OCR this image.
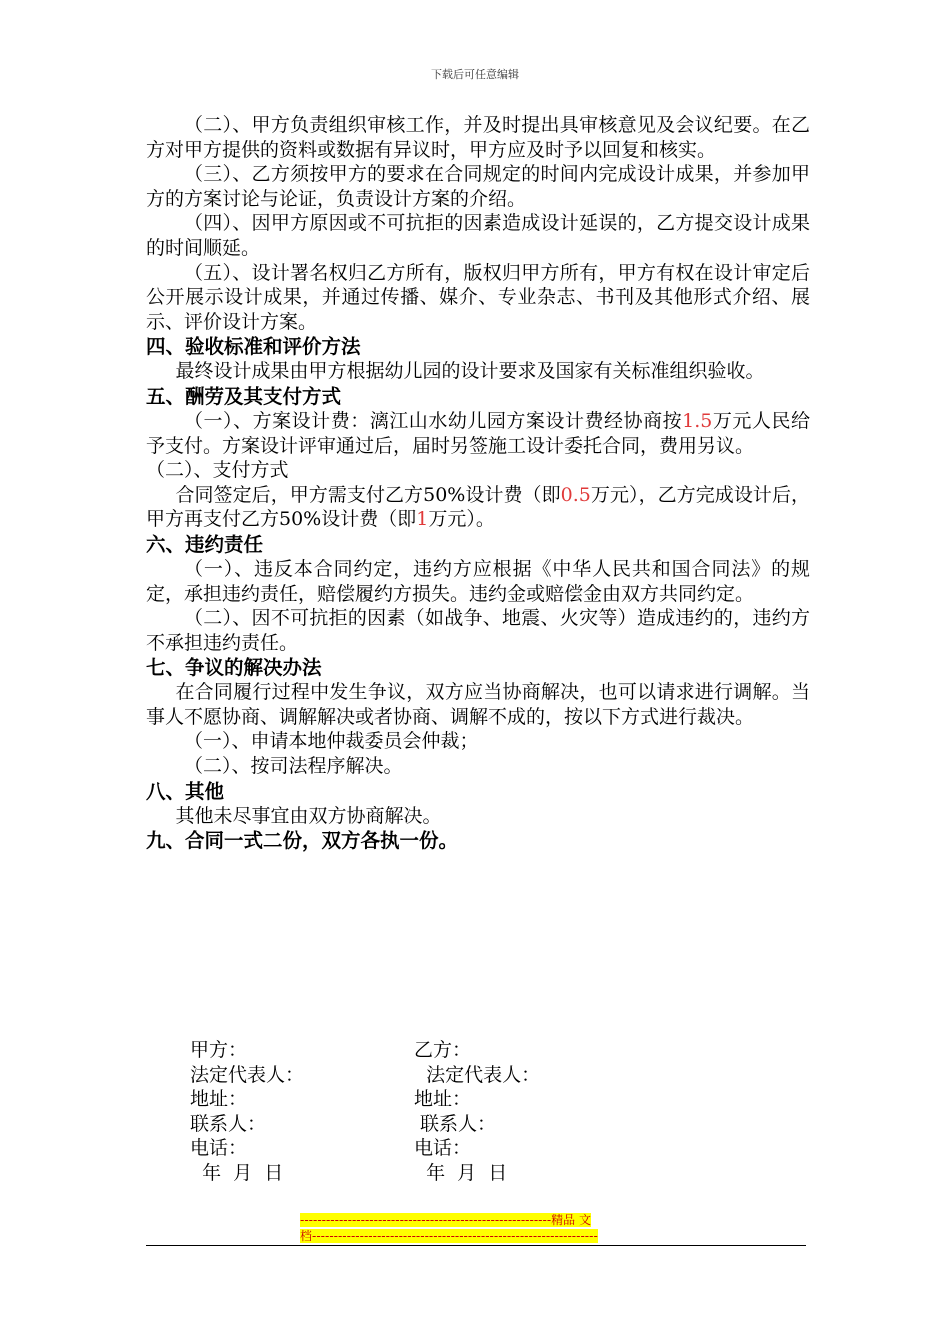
下载后可任意编辑

（二）、甲方负责组织审核工作，并及时提出具审核意见及会议纪要。在乙方对甲方提供的资料或数据有异议时，甲方应及时予以回复和核实。

（三）、乙方须按甲方的要求在合同规定的时间内完成设计成果，并参加甲方的方案讨论与论证，负责设计方案的介绍。

（四）、因甲方原因或不可抗拒的因素造成设计延误的，乙方提交设计成果的时间顺延。

（五）、设计署名权归乙方所有，版权归甲方所有，甲方有权在设计审定后公开展示设计成果，并通过传播、媒介、专业杂志、书刊及其他形式介绍、展示、评价设计方案。

四、验收标准和评价方法

最终设计成果由甲方根据幼儿园的设计要求及国家有关标准组织验收。

五、酬劳及其支付方式

（一）、方案设计费：漓江山水幼儿园方案设计费经协商按1.5万元人民给予支付。方案设计评审通过后，届时另签施工设计委托合同，费用另议。

（二）、支付方式

合同签定后，甲方需支付乙方50%设计费（即0.5万元），乙方完成设计后，甲方再支付乙方50%设计费（即1万元）。

六、违约责任

（一）、违反本合同约定，违约方应根据《中华人民共和国合同法》的规定，承担违约责任，赔偿履约方损失。违约金或赔偿金由双方共同约定。

（二）、因不可抗拒的因素（如战争、地震、火灾等）造成违约的，违约方不承担违约责任。

七、争议的解决办法

在合同履行过程中发生争议，双方应当协商解决，也可以请求进行调解。当事人不愿协商、调解解决或者协商、调解不成的，按以下方式进行裁决。

（一）、申请本地仲裁委员会仲裁；

（二）、按司法程序解决。

八、其他

其他未尽事宜由双方协商解决。

九、合同一式二份，双方各执一份。

甲方：	乙方：
法定代表人：	法定代表人：
地址：	地址：
联系人：	联系人：
电话：	电话：
年  月  日	年  月  日
----------------------------------------------------------精品 文
档------------------------------------------------------------------
